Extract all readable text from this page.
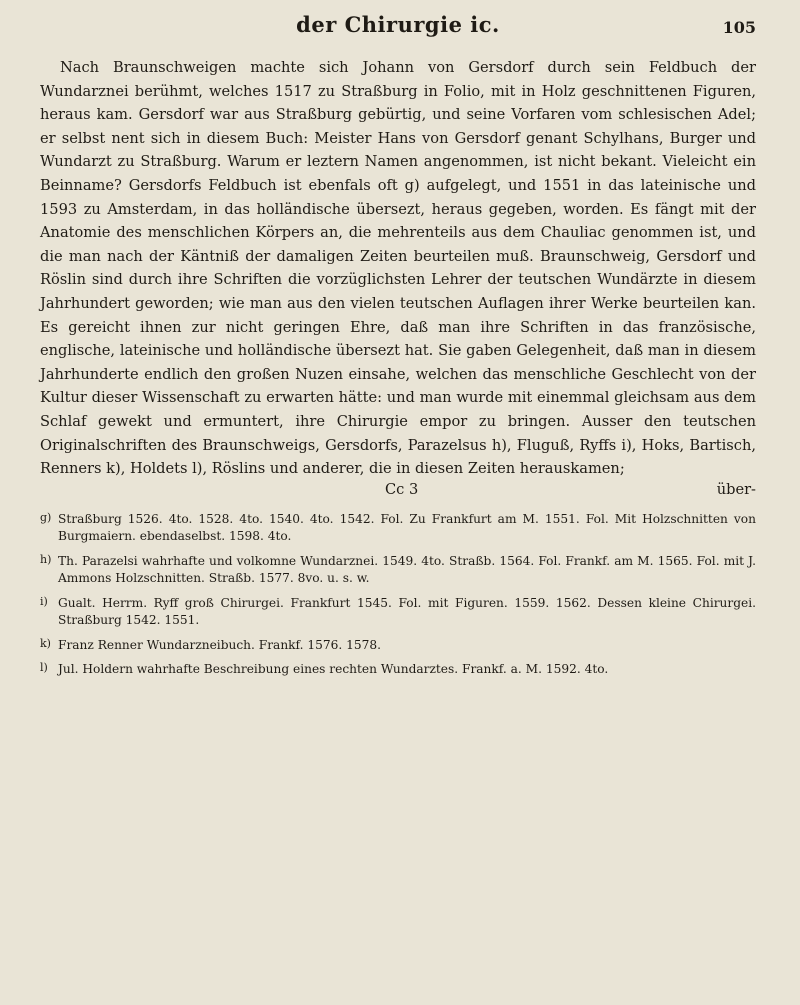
der Chirurgie ic.	105

Nach Braunschweigen machte sich Johann von Gersdorf durch sein Feldbuch der Wundarznei berühmt, welches 1517 zu Straßburg in Folio, mit in Holz geschnittenen Figuren, heraus kam. Gersdorf war aus Straßburg gebürtig, und seine Vorfaren vom schlesischen Adel; er selbst nent sich in diesem Buch: Meister Hans von Gersdorf genant Schylhans, Burger und Wundarzt zu Straßburg. Warum er leztern Namen angenommen, ist nicht bekant. Vieleicht ein Beinname? Gersdorfs Feldbuch ist ebenfals oft g) aufgelegt, und 1551 in das lateinische und 1593 zu Amsterdam, in das holländische übersezt, heraus gegeben, worden. Es fängt mit der Anatomie des menschlichen Körpers an, die mehrenteils aus dem Chauliac genommen ist, und die man nach der Käntniß der damaligen Zeiten beurteilen muß. Braunschweig, Gersdorf und Röslin sind durch ihre Schriften die vorzüglichsten Lehrer der teutschen Wundärzte in diesem Jahrhundert geworden; wie man aus den vielen teutschen Auflagen ihrer Werke beurteilen kan. Es gereicht ihnen zur nicht geringen Ehre, daß man ihre Schriften in das französische, englische, lateinische und holländische übersezt hat. Sie gaben Gelegenheit, daß man in diesem Jahrhunderte endlich den großen Nuzen einsahe, welchen das menschliche Geschlecht von der Kultur dieser Wissenschaft zu erwarten hätte: und man wurde mit einemmal gleichsam aus dem Schlaf gewekt und ermuntert, ihre Chirurgie empor zu bringen. Ausser den teutschen Originalschriften des Braunschweigs, Gersdorfs, Parazelsus h), Fluguß, Ryffs i), Hoks, Bartisch, Renners k), Holdets l), Röslins und anderer, die in diesen Zeiten herauskamen;

Cc 3	über-

g) Straßburg 1526. 4to. 1528. 4to. 1540. 4to. 1542. Fol. Zu Frankfurt am M. 1551. Fol. Mit Holzschnitten von Burgmaiern. ebendaselbst. 1598. 4to.

h) Th. Parazelsi wahrhafte und volkomne Wundarznei. 1549. 4to. Straßb. 1564. Fol. Frankf. am M. 1565. Fol. mit J. Ammons Holzschnitten. Straßb. 1577. 8vo. u. s. w.

i) Gualt. Herrm. Ryff groß Chirurgei. Frankfurt 1545. Fol. mit Figuren. 1559. 1562. Dessen kleine Chirurgei. Straßburg 1542. 1551.

k) Franz Renner Wundarzneibuch. Frankf. 1576. 1578.

l) Jul. Holdern wahrhafte Beschreibung eines rechten Wundarztes. Frankf. a. M. 1592. 4to.
